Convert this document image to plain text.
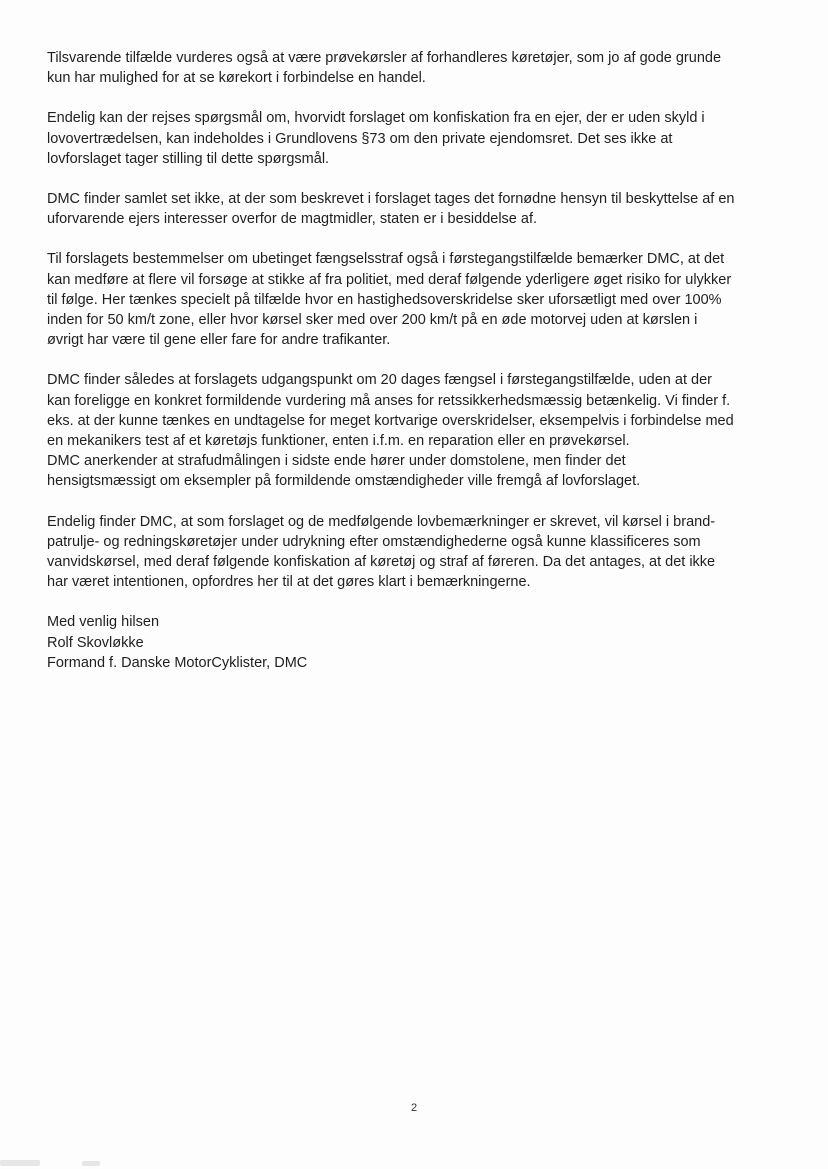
Tilsvarende tilfælde vurderes også at være prøvekørsler af forhandleres køretøjer, som jo af gode grunde
kun har mulighed for at se kørekort i forbindelse en handel.

Endelig kan der rejses spørgsmål om, hvorvidt forslaget om konfiskation fra en ejer, der er uden skyld i
lovovertrædelsen, kan indeholdes i Grundlovens §73 om den private ejendomsret. Det ses ikke at
lovforslaget tager stilling til dette spørgsmål.

DMC finder samlet set ikke, at der som beskrevet i forslaget tages det fornødne hensyn til beskyttelse af en
uforvarende ejers interesser overfor de magtmidler, staten er i besiddelse af.

Til forslagets bestemmelser om ubetinget fængselsstraf også i førstegangstilfælde bemærker DMC, at det
kan medføre at flere vil forsøge at stikke af fra politiet, med deraf følgende yderligere øget risiko for ulykker
til følge. Her tænkes specielt på tilfælde hvor en hastighedsoverskridelse sker uforsætligt med over 100%
inden for 50 km/t zone, eller hvor kørsel sker med over 200 km/t på en øde motorvej uden at kørslen i
øvrigt har være til gene eller fare for andre trafikanter.

DMC finder således at forslagets udgangspunkt om 20 dages fængsel i førstegangstilfælde, uden at der
kan foreligge en konkret formildende vurdering må anses for retssikkerhedsmæssig betænkelig. Vi finder f.
eks. at der kunne tænkes en undtagelse for meget kortvarige overskridelser, eksempelvis i forbindelse med
en mekanikers test af et køretøjs funktioner, enten i.f.m. en reparation eller en prøvekørsel.
DMC anerkender at strafudmålingen i sidste ende hører under domstolene, men finder det
hensigtsmæssigt om eksempler på formildende omstændigheder ville fremgå af lovforslaget.

Endelig finder DMC, at som forslaget og de medfølgende lovbemærkninger er skrevet, vil kørsel i brand-
patrulje- og redningskøretøjer under udrykning efter omstændighederne også kunne klassificeres som
vanvidskørsel, med deraf følgende konfiskation af køretøj og straf af føreren. Da det antages, at det ikke
har været intentionen, opfordres her til at det gøres klart i bemærkningerne.

Med venlig hilsen
Rolf Skovløkke
Formand f. Danske MotorCyklister, DMC

2
